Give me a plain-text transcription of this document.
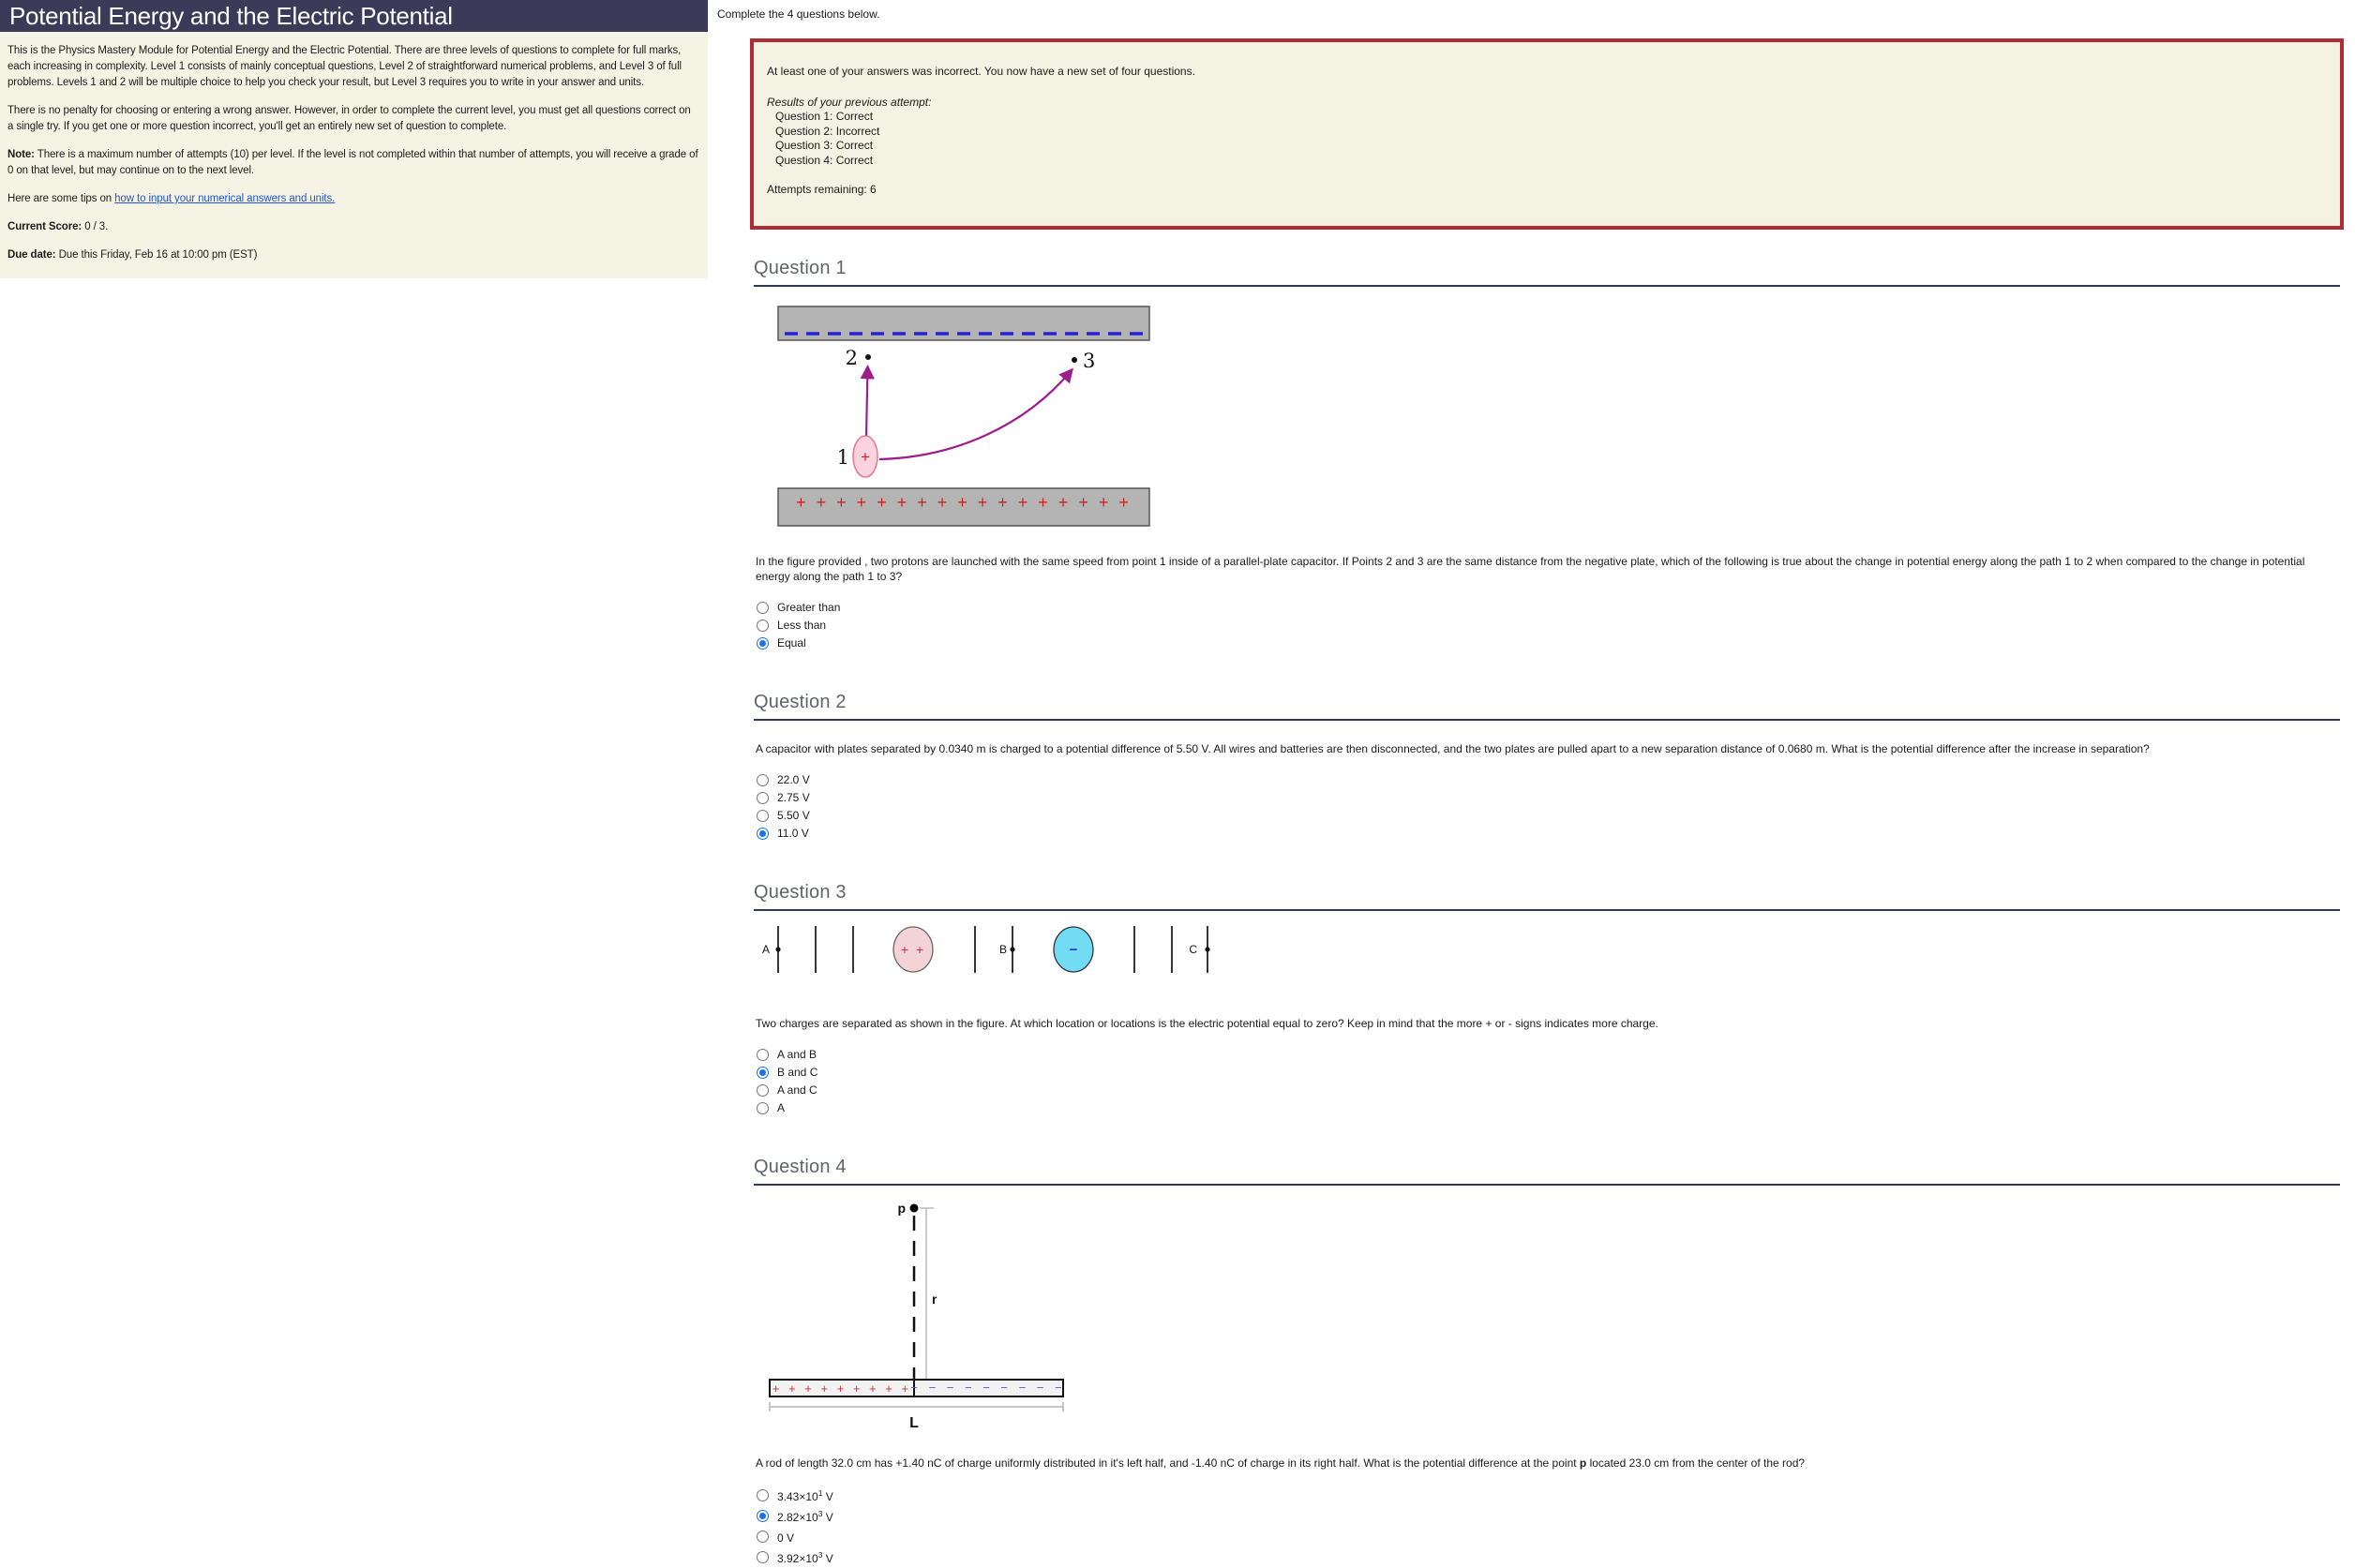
Potential Energy and the Electric Potential

This is the Physics Mastery Module for Potential Energy and the Electric Potential. There are three levels of questions to complete for full marks, each increasing in complexity. Level 1 consists of mainly conceptual questions, Level 2 of straightforward numerical problems, and Level 3 of full problems. Levels 1 and 2 will be multiple choice to help you check your result, but Level 3 requires you to write in your answer and units.

There is no penalty for choosing or entering a wrong answer. However, in order to complete the current level, you must get all questions correct on a single try. If you get one or more question incorrect, you'll get an entirely new set of question to complete.

Note: There is a maximum number of attempts (10) per level. If the level is not completed within that number of attempts, you will receive a grade of 0 on that level, but may continue on to the next level.

Here are some tips on how to input your numerical answers and units.

Current Score: 0 / 3.

Due date: Due this Friday, Feb 16 at 10:00 pm (EST)

Complete the 4 questions below.

At least one of your answers was incorrect. You now have a new set of four questions.

Results of your previous attempt:

Question 1: Correct
Question 2: Incorrect
Question 3: Correct
Question 4: Correct

Attempts remaining: 6

Question 1
+ + + + + + + + + + + + + + + + +
2	3
+
1

In the figure provided , two protons are launched with the same speed from point 1 inside of a parallel-plate capacitor. If Points 2 and 3 are the same distance from the negative plate, which of the following is true about the change in potential energy along the path 1 to 2 when compared to the change in potential energy along the path 1 to 3?

Greater than
Less than
Equal
Question 2

A capacitor with plates separated by 0.0340 m is charged to a potential difference of 5.50 V. All wires and batteries are then disconnected, and the two plates are pulled apart to a new separation distance of 0.0680 m. What is the potential difference after the increase in separation?

22.0 V
2.75 V
5.50 V
11.0 V
Question 3
A	B	C
+ +	−

Two charges are separated as shown in the figure. At which location or locations is the electric potential equal to zero? Keep in mind that the more + or - signs indicates more charge.

A and B
B and C
A and C
A
Question 4
p
r
+ + + + + + + + + − − − − − − − − −
L

A rod of length 32.0 cm has +1.40 nC of charge uniformly distributed in it's left half, and -1.40 nC of charge in its right half. What is the potential difference at the point p located 23.0 cm from the center of the rod?

$3.43\times 10^1$ V
$2.82\times 10^3$ V
0 V
$3.92\times 10^3$ V
